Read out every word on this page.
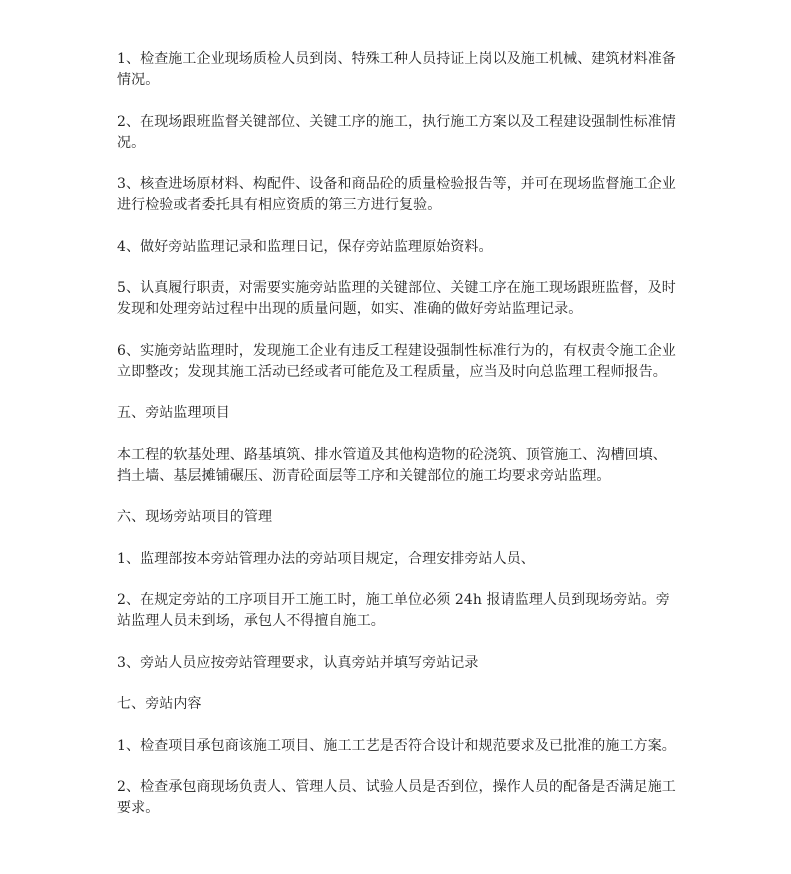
1、检查施工企业现场质检人员到岗、特殊工种人员持证上岗以及施工机械、建筑材料准备情况。

2、在现场跟班监督关键部位、关键工序的施工，执行施工方案以及工程建设强制性标准情况。

3、核查进场原材料、构配件、设备和商品砼的质量检验报告等，并可在现场监督施工企业进行检验或者委托具有相应资质的第三方进行复验。

4、做好旁站监理记录和监理日记，保存旁站监理原始资料。

5、认真履行职责，对需要实施旁站监理的关键部位、关键工序在施工现场跟班监督，及时发现和处理旁站过程中出现的质量问题，如实、准确的做好旁站监理记录。

6、实施旁站监理时，发现施工企业有违反工程建设强制性标准行为的，有权责令施工企业立即整改；发现其施工活动已经或者可能危及工程质量，应当及时向总监理工程师报告。

五、旁站监理项目

本工程的软基处理、路基填筑、排水管道及其他构造物的砼浇筑、顶管施工、沟槽回填、挡土墙、基层摊铺碾压、沥青砼面层等工序和关键部位的施工均要求旁站监理。

六、现场旁站项目的管理

1、监理部按本旁站管理办法的旁站项目规定，合理安排旁站人员、

2、在规定旁站的工序项目开工施工时，施工单位必须 24h 报请监理人员到现场旁站。旁站监理人员未到场，承包人不得擅自施工。

3、旁站人员应按旁站管理要求，认真旁站并填写旁站记录

七、旁站内容

1、检查项目承包商该施工项目、施工工艺是否符合设计和规范要求及已批准的施工方案。

2、检查承包商现场负责人、管理人员、试验人员是否到位，操作人员的配备是否满足施工要求。
